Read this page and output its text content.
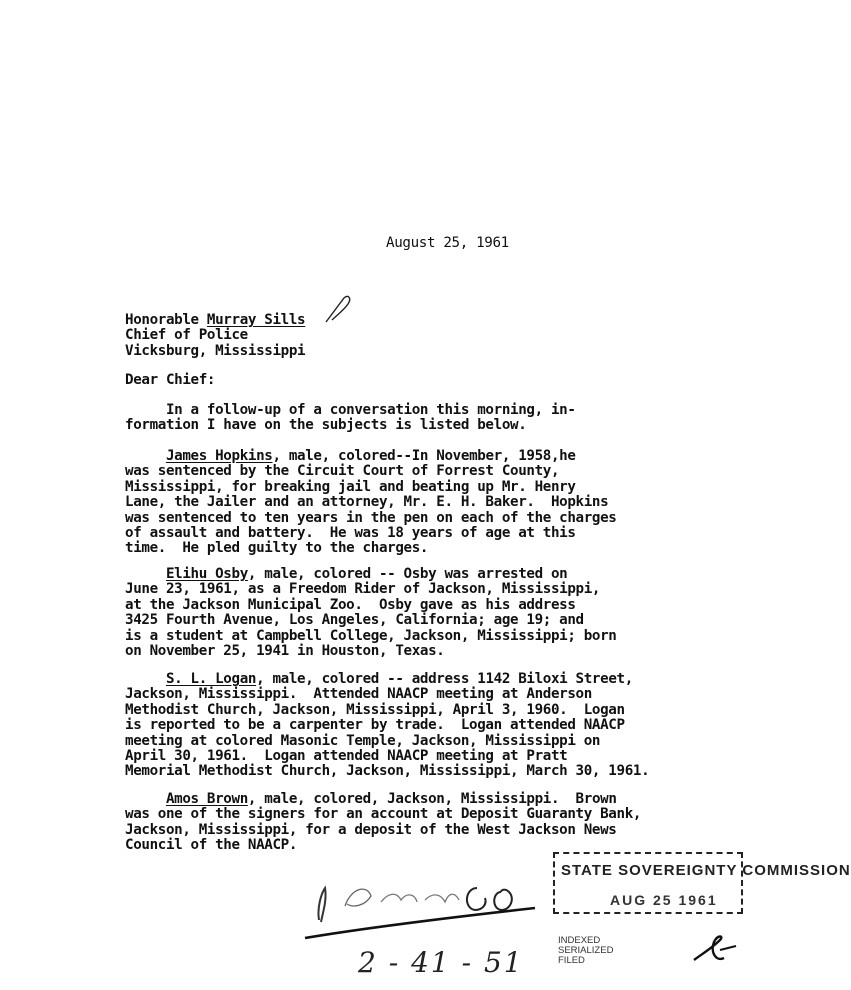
August 25, 1961
Honorable Murray Sills
Chief of Police
Vicksburg, Mississippi
Dear Chief:
In a follow-up of a conversation this morning, in-
formation I have on the subjects is listed below.
James Hopkins, male, colored--In November, 1958,he
was sentenced by the Circuit Court of Forrest County,
Mississippi, for breaking jail and beating up Mr. Henry
Lane, the Jailer and an attorney, Mr. E. H. Baker.  Hopkins
was sentenced to ten years in the pen on each of the charges
of assault and battery.  He was 18 years of age at this
time.  He pled guilty to the charges.
Elihu Osby, male, colored -- Osby was arrested on
June 23, 1961, as a Freedom Rider of Jackson, Mississippi,
at the Jackson Municipal Zoo.  Osby gave as his address
3425 Fourth Avenue, Los Angeles, California; age 19; and
is a student at Campbell College, Jackson, Mississippi; born
on November 25, 1941 in Houston, Texas.
S. L. Logan, male, colored -- address 1142 Biloxi Street,
Jackson, Mississippi.  Attended NAACP meeting at Anderson
Methodist Church, Jackson, Mississippi, April 3, 1960.  Logan
is reported to be a carpenter by trade.  Logan attended NAACP
meeting at colored Masonic Temple, Jackson, Mississippi on
April 30, 1961.  Logan attended NAACP meeting at Pratt
Memorial Methodist Church, Jackson, Mississippi, March 30, 1961.
Amos Brown, male, colored, Jackson, Mississippi.  Brown
was one of the signers for an account at Deposit Guaranty Bank,
Jackson, Mississippi, for a deposit of the West Jackson News
Council of the NAACP.
2 - 41 - 51
STATE SOVEREIGNTY COMMISSION
AUG 25 1961
INDEXED
SERIALIZED
FILED
